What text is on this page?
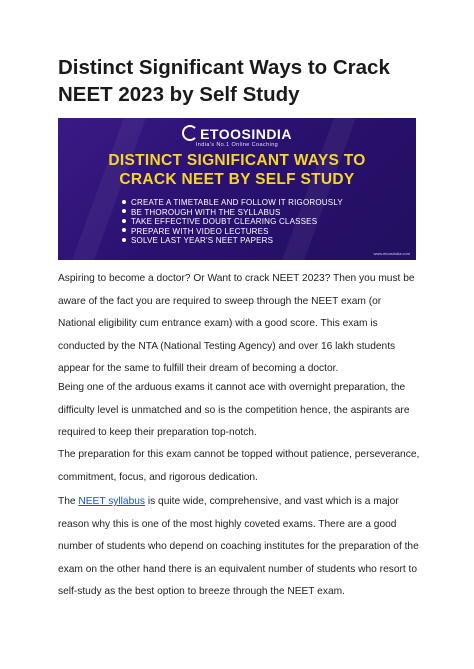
Distinct Significant Ways to Crack NEET 2023 by Self Study
ETOOSINDIA
India's No.1 Online Coaching
DISTINCT SIGNIFICANT WAYS TO
CRACK NEET BY SELF STUDY
CREATE A TIMETABLE AND FOLLOW IT RIGOROUSLY
BE THOROUGH WITH THE SYLLABUS
TAKE EFFECTIVE DOUBT CLEARING CLASSES
PREPARE WITH VIDEO LECTURES
SOLVE LAST YEAR'S NEET PAPERS
www.etoosindia.com

Aspiring to become a doctor? Or Want to crack NEET 2023? Then you must be aware of the fact you are required to sweep through the NEET exam (or National eligibility cum entrance exam) with a good score. This exam is conducted by the NTA (National Testing Agency) and over 16 lakh students appear for the same to fulfill their dream of becoming a doctor.

Being one of the arduous exams it cannot ace with overnight preparation, the difficulty level is unmatched and so is the competition hence, the aspirants are required to keep their preparation top-notch.

The preparation for this exam cannot be topped without patience, perseverance, commitment, focus, and rigorous dedication.

The NEET syllabus is quite wide, comprehensive, and vast which is a major reason why this is one of the most highly coveted exams. There are a good number of students who depend on coaching institutes for the preparation of the exam on the other hand there is an equivalent number of students who resort to self-study as the best option to breeze through the NEET exam.
